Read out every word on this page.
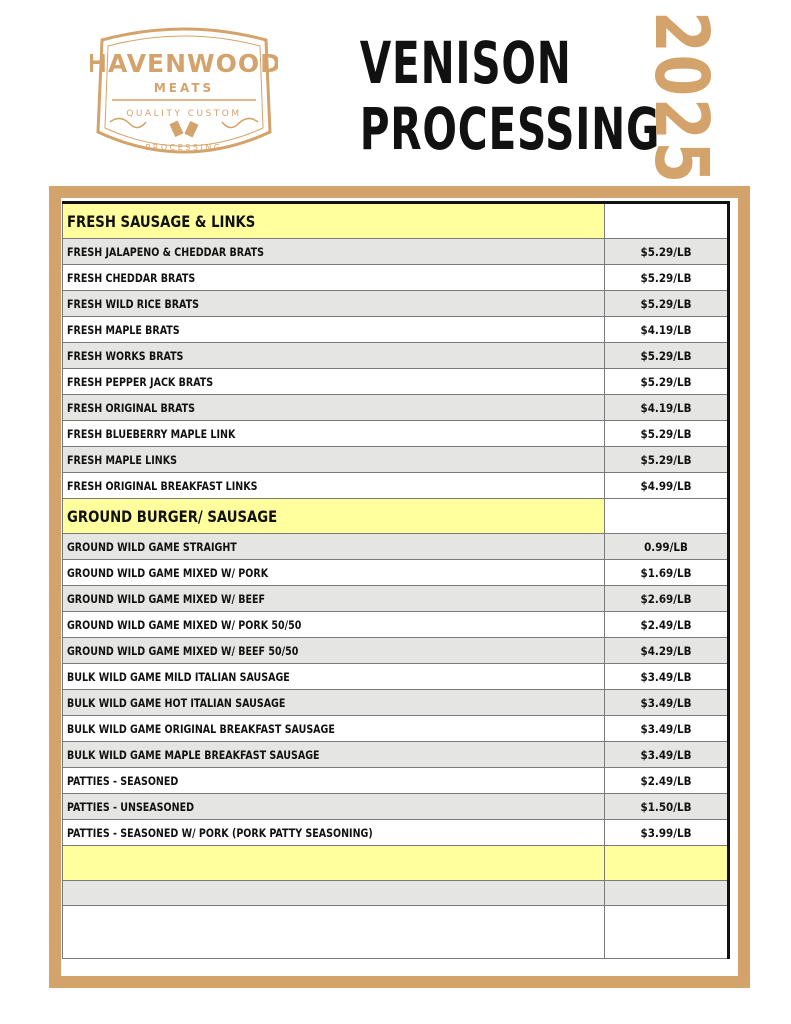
HAVENWOOD
MEATS
QUALITY CUSTOM
PROCESSING
VENISON
PROCESSING
2025
FRESH SAUSAGE & LINKS	
FRESH JALAPENO & CHEDDAR BRATS	$5.29/LB
FRESH CHEDDAR BRATS	$5.29/LB
FRESH WILD RICE BRATS	$5.29/LB
FRESH MAPLE BRATS	$4.19/LB
FRESH WORKS BRATS	$5.29/LB
FRESH PEPPER JACK BRATS	$5.29/LB
FRESH ORIGINAL BRATS	$4.19/LB
FRESH BLUEBERRY MAPLE LINK	$5.29/LB
FRESH MAPLE LINKS	$5.29/LB
FRESH ORIGINAL BREAKFAST LINKS	$4.99/LB
GROUND BURGER/ SAUSAGE	
GROUND WILD GAME STRAIGHT	0.99/LB
GROUND WILD GAME MIXED W/ PORK	$1.69/LB
GROUND WILD GAME MIXED W/ BEEF	$2.69/LB
GROUND WILD GAME MIXED W/ PORK 50/50	$2.49/LB
GROUND WILD GAME MIXED W/ BEEF 50/50	$4.29/LB
BULK WILD GAME MILD ITALIAN SAUSAGE	$3.49/LB
BULK WILD GAME HOT ITALIAN SAUSAGE	$3.49/LB
BULK WILD GAME ORIGINAL BREAKFAST SAUSAGE	$3.49/LB
BULK WILD GAME MAPLE BREAKFAST SAUSAGE	$3.49/LB
PATTIES - SEASONED	$2.49/LB
PATTIES - UNSEASONED	$1.50/LB
PATTIES - SEASONED W/ PORK (PORK PATTY SEASONING)	$3.99/LB
